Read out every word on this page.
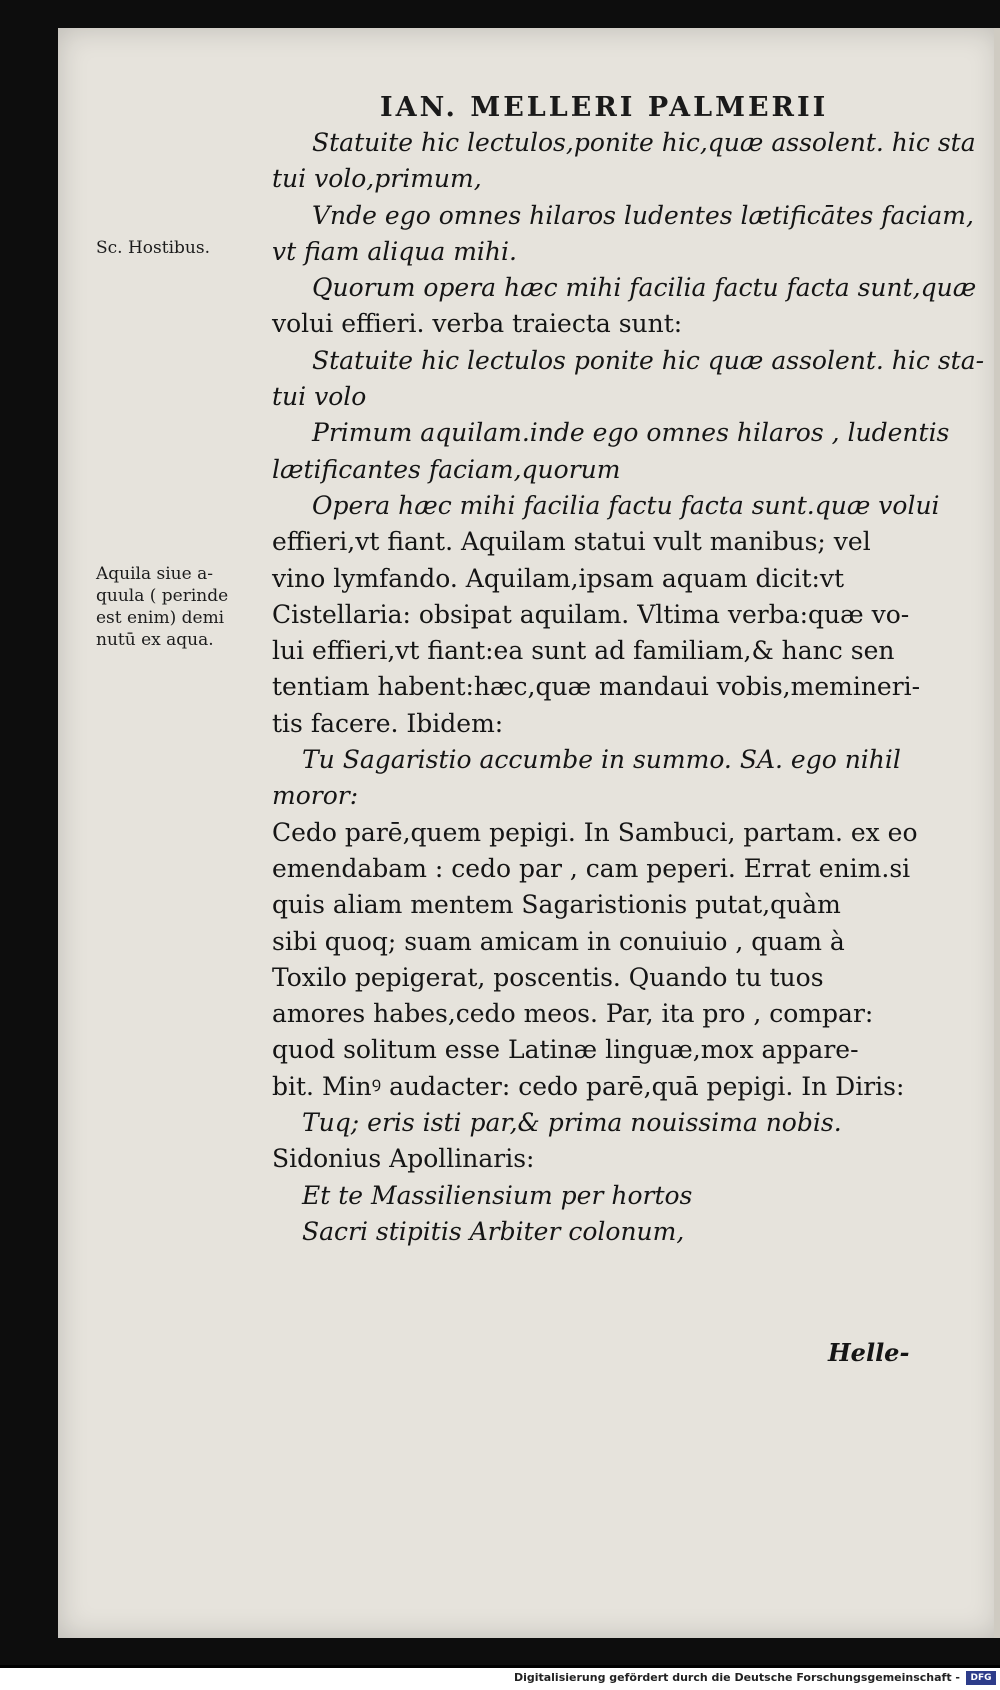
IAN. MELLERI PALMERII
Sc. Hostibus.
Aquila siue a-
quula ( perinde
est enim) demi
nutū ex aqua.
Statuite hic lectulos,ponite hic,quæ assolent. hic sta
tui volo,primum,
Vnde ego omnes hilaros ludentes lætificātes faciam,
vt fiam aliqua mihi.
Quorum opera hæc mihi facilia factu facta sunt,quæ
volui effieri. verba traiecta sunt:
Statuite hic lectulos ponite hic quæ assolent. hic sta-
tui volo
Primum aquilam.inde ego omnes hilaros , ludentis
lætificantes faciam,quorum
Opera hæc mihi facilia factu facta sunt.quæ volui
effieri,vt fiant. Aquilam statui vult manibus; vel
vino lymfando. Aquilam,ipsam aquam dicit:vt
Cistellaria: obsipat aquilam. Vltima verba:quæ vo-
lui effieri,vt fiant:ea sunt ad familiam,& hanc sen
tentiam habent:hæc,quæ mandaui vobis,memineri-
tis facere. Ibidem:
Tu Sagaristio accumbe in summo. SA. ego nihil
moror:
Cedo parē,quem pepigi. In Sambuci, partam. ex eo
emendabam : cedo par , cam peperi. Errat enim.si
quis aliam mentem Sagaristionis putat,quàm
sibi quoq; suam amicam in conuiuio , quam à
Toxilo pepigerat, poscentis. Quando tu tuos
amores habes,cedo meos. Par, ita pro , compar:
quod solitum esse Latinæ linguæ,mox appare-
bit. Minꝰ audacter: cedo parē,quā pepigi. In Diris:
Tuq; eris isti par,& prima nouissima nobis.
Sidonius Apollinaris:
Et te Massiliensium per hortos
Sacri stipitis Arbiter colonum,
Helle-
Digitalisierung gefördert durch die Deutsche Forschungsgemeinschaft -	DFG
